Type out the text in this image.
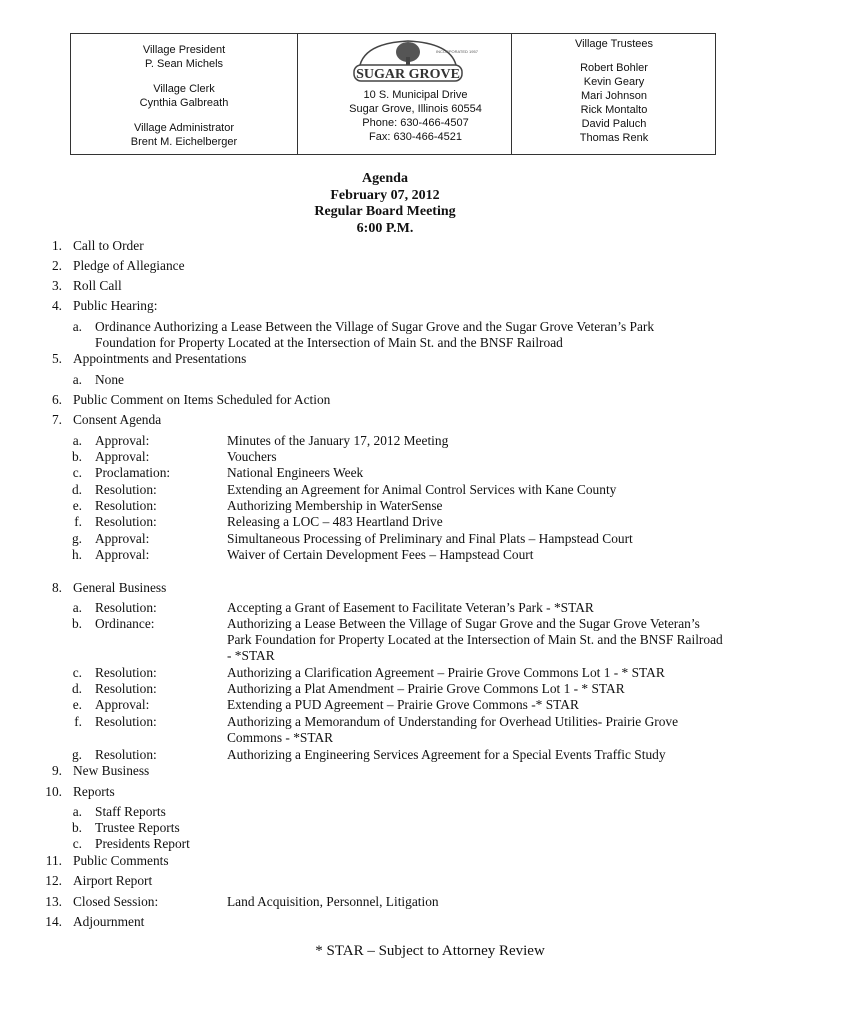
Village President
P. Sean Michels
Village Clerk
Cynthia Galbreath
Village Administrator
Brent M. Eichelberger
INCORPORATED 1957
SUGAR GROVE
10 S. Municipal Drive
Sugar Grove, Illinois 60554
Phone: 630-466-4507
Fax: 630-466-4521
Village Trustees
Robert Bohler
Kevin Geary
Mari Johnson
Rick Montalto
David Paluch
Thomas Renk
Agenda
February 07, 2012
Regular Board Meeting
6:00 P.M.
1. Call to Order
2. Pledge of Allegiance
3. Roll Call
4. Public Hearing:
a. Ordinance Authorizing a Lease Between the Village of Sugar Grove and the Sugar Grove Veteran’s Park
Foundation for Property Located at the Intersection of Main St. and the BNSF Railroad
5. Appointments and Presentations
a. None
6. Public Comment on Items Scheduled for Action
7. Consent Agenda
a. Approval:	Minutes of the January 17, 2012 Meeting
b. Approval:	Vouchers
c. Proclamation:	National Engineers Week
d. Resolution:	Extending an Agreement for Animal Control Services with Kane County
e. Resolution:	Authorizing Membership in WaterSense
f. Resolution:	Releasing a LOC – 483 Heartland Drive
g. Approval:	Simultaneous Processing of Preliminary and Final Plats – Hampstead Court
h. Approval:	Waiver of Certain Development Fees – Hampstead Court
8. General Business
a. Resolution:	Accepting a Grant of Easement to Facilitate Veteran’s Park - *STAR
b. Ordinance:	Authorizing a Lease Between the Village of Sugar Grove and the Sugar Grove Veteran’s
Park Foundation for Property Located at the Intersection of Main St. and the BNSF Railroad
- *STAR
c. Resolution:	Authorizing a Clarification Agreement – Prairie Grove Commons Lot 1 - * STAR
d. Resolution:	Authorizing a Plat Amendment – Prairie Grove Commons Lot 1 - * STAR
e. Approval:	Extending a PUD Agreement – Prairie Grove Commons -* STAR
f. Resolution:	Authorizing a Memorandum of Understanding for Overhead Utilities- Prairie Grove
Commons - *STAR
g. Resolution:	Authorizing a Engineering Services Agreement for a Special Events Traffic Study
9. New Business
10. Reports
a. Staff Reports
b. Trustee Reports
c. Presidents Report
11. Public Comments
12. Airport Report
13. Closed Session:	Land Acquisition, Personnel, Litigation
14. Adjournment
* STAR – Subject to Attorney Review
